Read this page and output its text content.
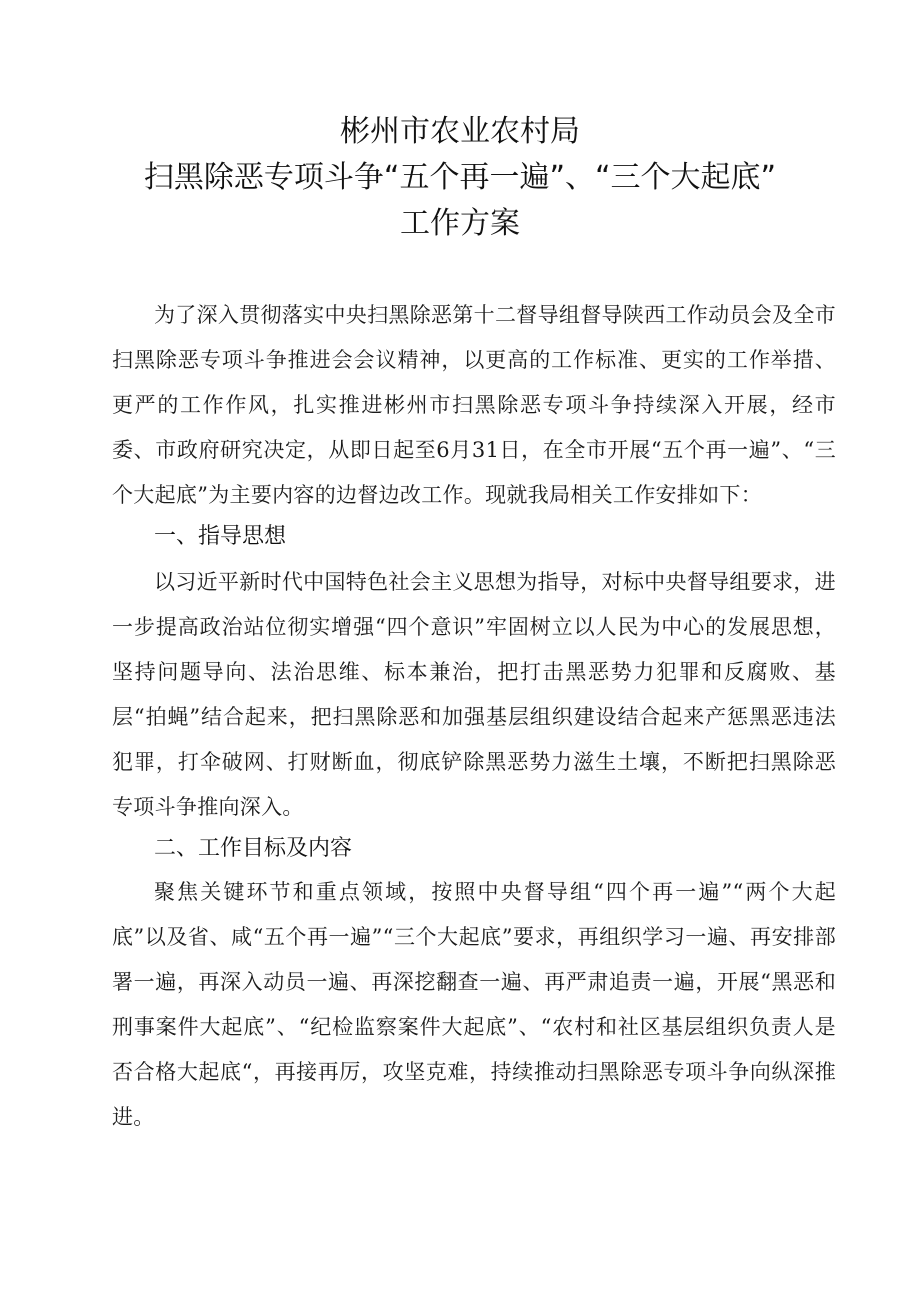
彬州市农业农村局
扫黑除恶专项斗争“五个再一遍”、“三个大起底”
工作方案

为了深入贯彻落实中央扫黑除恶第十二督导组督导陕西工作动员会及全市扫黑除恶专项斗争推进会会议精神，以更高的工作标准、更实的工作举措、更严的工作作风，扎实推进彬州市扫黑除恶专项斗争持续深入开展，经市委、市政府研究决定，从即日起至6月31日，在全市开展“五个再一遍”、“三个大起底”为主要内容的边督边改工作。现就我局相关工作安排如下：

一、指导思想

以习近平新时代中国特色社会主义思想为指导，对标中央督导组要求，进一步提高政治站位彻实增强“四个意识”牢固树立以人民为中心的发展思想，坚持问题导向、法治思维、标本兼治，把打击黑恶势力犯罪和反腐败、基层“拍蝇”结合起来，把扫黑除恶和加强基层组织建设结合起来产惩黑恶违法犯罪，打伞破网、打财断血，彻底铲除黑恶势力滋生土壤，不断把扫黑除恶专项斗争推向深入。

二、工作目标及内容

聚焦关键环节和重点领域，按照中央督导组“四个再一遍”“两个大起底”以及省、咸“五个再一遍”“三个大起底”要求，再组织学习一遍、再安排部署一遍，再深入动员一遍、再深挖翻查一遍、再严肃追责一遍，开展“黑恶和刑事案件大起底”、“纪检监察案件大起底”、“农村和社区基层组织负责人是否合格大起底“，再接再厉，攻坚克难，持续推动扫黑除恶专项斗争向纵深推进。
